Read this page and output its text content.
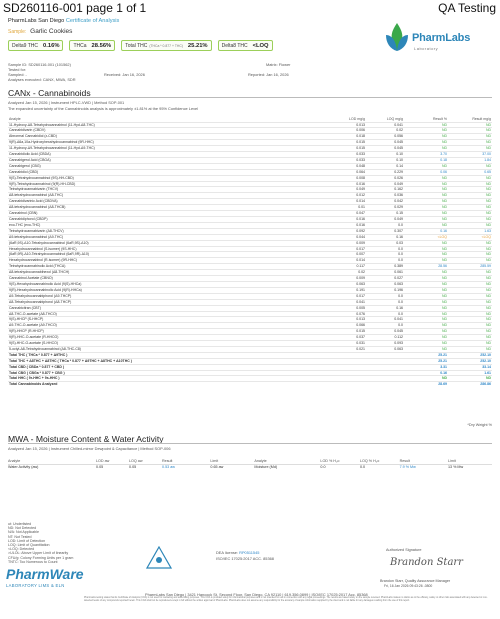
SD260116-001 page 1 of 1	QA Testing
PharmLabs San Diego Certificate of Analysis
Sample: Garlic Cookies
Delta9 THC 0.16%	THCa 28.56%	Total THC (THCa * 0.877 + THC) 25.21%	Delta8 THC <LOQ
PharmLabs
Laboratory
Sample ID: SD260116-001 (101562)	Matrix: Flower
Tested for:
Sampled: -	Received: Jan 16, 2026	Reported: Jan 16, 2026
Analyses executed: CANX, MWA, SDR
CANx - Cannabinoids
Analyzed Jan 15, 2026 | Instrument HPLC-VWD | Method SOP-001
The expanded uncertainty of the Cannabinoids analysis is approximately ±1.81% at the 95% Confidence Level
Analyte	LOD mg/g	LOQ mg/g	Result %	Result mg/g
11-Hydroxy-Δ8-Tetrahydrocannabinol (11-Hyd-Δ8-THC)	0.013	0.041	ND	ND
Cannabidivarin (CBDV)	0.006	0.02	ND	ND
Abnormal Cannabidiol (ε-CBD)	0.018	0.056	ND	ND
9(R)-Δ6a,10a-Hydroxyhexahydrocannabinol (9R-HHC)	0.015	0.045	ND	ND
11-Hydroxy-Δ9-Tetrahydrocannabinol (11-Hyd-Δ9-THC)	0.015	0.045	ND	ND
Cannabidiolic Acid (CBDA)	0.033	0.10	3.70	37.00
Cannabigerol Acid (CBGA)	0.033	0.10	0.18	1.84
Cannabigerol (CBG)	0.048	0.14	ND	ND
Cannabidiol (CBD)	0.064	0.229	0.06	0.65
9(S)-Tetrahydrocannabinol (9S)-HH-CBD)	0.008	0.026	ND	ND
9(R)-Tetrahydrocannabinol (9(R)-HH-CBD)	0.016	0.049	ND	ND
Tetrahydrocannabivarin (THCV)	0.049	0.162	ND	ND
Δ8-tetrahydrocannabinol (Δ8-THC)	0.012	0.036	ND	ND
Cannabidivarinic Acid (CBDVA)	0.014	0.042	ND	ND
Δ8-tetrahydrocannabinol (Δ8-THCB)	0.01	0.029	ND	ND
Cannabinol (CBN)	0.047	0.15	ND	ND
Cannabidiphorol (CBDP)	0.016	0.049	ND	ND
exo-THC (exo-THC)	0.016	0.0	ND	ND
Tetrahydrocannabivarin (Δ8-THCV)	0.092	0.307	0.16	1.63
Δ9-tetrahydrocannabinol (Δ9-THC)	0.044	0.16	<LOQ	<LOQ
(6aR,9S)-Δ10-Tetrahydrocannabinol (6aR,9S)-Δ10)	0.009	0.03	ND	ND
Hexahydrocannabinol (S-isomer) (9S-HHC)	0.017	0.0	ND	ND
(6aR,9R)-Δ10-Tetrahydrocannabinol (6aR,9R)-Δ10)	0.007	0.0	ND	ND
Hexahydrocannabinol (R-isomer) (9R-HHC)	0.014	0.0	ND	ND
Tetrahydrocannabinolic Acid (THCA)	0.117	0.389	28.56	285.59
Δ8-tetrahydrocannabihexol (Δ8-THCH)	0.02	0.061	ND	ND
Cannabinol Acetate (CBNO)	0.009	0.027	ND	ND
9(S)-Hexahydrocannabinolic Acid (9(S)-HHCa)	0.063	0.063	ND	ND
9(R)-Hexahydrocannabinolic Acid (9(R)-HHCa)	0.191	0.196	ND	ND
Δ9-Tetrahydrocannabiphorol (Δ9-THCP)	0.017	0.0	ND	ND
Δ8-Tetrahydrocannabiphorol (Δ8-THCP)	0.041	0.0	ND	ND
Cannabicitran (CBT)	0.005	0.16	ND	ND
Δ8-THC-O-acetate (Δ8-THCO)	0.076	0.0	ND	ND
9(S)-HHCP (S-HHCP)	0.013	0.041	ND	ND
Δ9-THC-O-acetate (Δ9-THCO)	0.066	0.0	ND	ND
9(R)-HHCP (R-HHCP)	0.015	0.045	ND	ND
9(R)-HHC-O-acetate (R-HHCO)	0.037	0.112	ND	ND
9(S)-HHC-O-acetate (S-HHCO)	0.031	0.093	ND	ND
5-octyl-Δ8-Tetrahydrocannabinol (Δ8-THC-C8)	0.021	0.063	ND	ND
Total THC ( THCa * 0.877 + Δ9THC )			25.21	252.10
Total THC + Δ8THC + Δ8THC ( THCa * 0.877 + Δ9THC + Δ8THC + Δ10THC )			25.21	252.10
Total CBD ( CBDa * 0.877 + CBD )			3.31	33.14
Total CBG ( CBGa * 0.877 + CBG )			0.16	1.61
Total HHC ( 9r-HHC + 9s-HHC )			ND	ND
Total Cannabinoids Analyzed			28.69	286.86
*Dry Weight %
MWA - Moisture Content & Water Activity
Analyzed Jan 15, 2026 | Instrument Chilled-mirror Dewpoint & Capacitance | Method SOP-006
Analyte	LOD aw	LOQ aw	Result	Limit	Analyte	LOD % H₂o	LOQ % H₂o	Result	Limit
Water Activity (aw)	0.05	0.05	0.53 aw	0.65 aw	Moisture (Md)	0.0	0.0	7.9 % Mw	13 % Mw
ut: Underlisted
ND: Not Detected
N/A: Not Applicable
NT: Not Tested
LOD: Limit of Detection
LOQ: Limit of Quantitation
<LOQ: Detected
>ULOL: Above Upper Limit of linearity
CFU/g: Colony Forming Units per 1 gram
TNTC: Too Numerous to Count
PharmWare
LABORATORY LIMS & ELN
DEA license: RP0511545
ISO/IEC 17025:2017 ACC. 85368
Authorized Signature
Brandon Starr
Brandon Starr, Quality Assurance Manager
Fri, 16 Jan 2026 09:43:26 -0800
PharmLabs San Diego | 3421 Hancock St, Second Floor, San Diego, CA 92110 | 619.356.0899 | ISO/IEC 17025:2017 Acc. 85368
PharmLabs testing states that its Certificate of Analysis (COA) is not used for marketing and advertising purposes. This COA is provided solely for informational purposes and is not intended for use in connection with any legal proceedings. The results are based solely on the sample received. PharmLabs makes no claims as to the efficacy, safety or other risks associated with any detected or non-detected levels of any compounds reported herein. This COA shall not be reproduced except in full without the written approval of PharmLabs. PharmLabs does not assume any responsibility for the accuracy of sample information supplied by the client and is not liable for any damages resulting from the use of this report.
